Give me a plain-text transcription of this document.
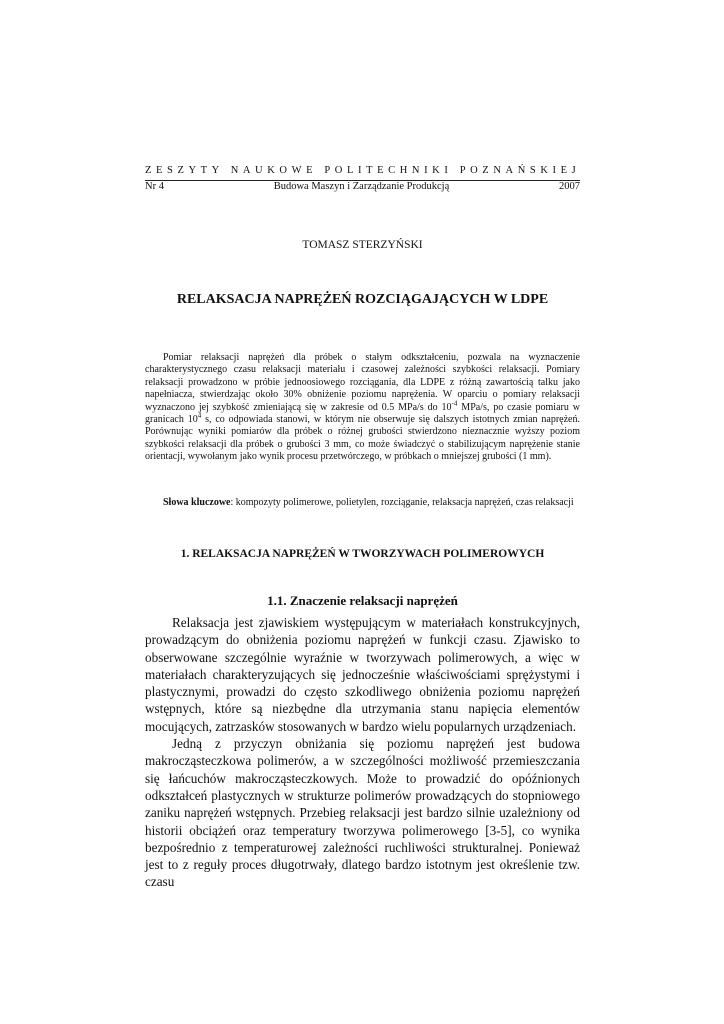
ZESZYTY NAUKOWE POLITECHNIKI POZNAŃSKIEJ
Nr 4	Budowa Maszyn i Zarządzanie Produkcją	2007
TOMASZ STERZYŃSKI
RELAKSACJA NAPRĘŻEŃ ROZCIĄGAJĄCYCH W LDPE

Pomiar relaksacji naprężeń dla próbek o stałym odkształceniu, pozwala na wyznaczenie charakterystycznego czasu relaksacji materiału i czasowej zależności szybkości relaksacji. Pomiary relaksacji prowadzono w próbie jednoosiowego rozciągania, dla LDPE z różną zawartością talku jako napełniacza, stwierdzając około 30% obniżenie poziomu naprężenia. W oparciu o pomiary relaksacji wyznaczono jej szybkość zmieniającą się w zakresie od 0.5 MPa/s do $10^{-4}$ MPa/s, po czasie pomiaru w granicach $10^4$ s, co odpowiada stanowi, w którym nie obserwuje się dalszych istotnych zmian naprężeń. Porównując wyniki pomiarów dla próbek o różnej grubości stwierdzono nieznacznie wyższy poziom szybkości relaksacji dla próbek o grubości 3 mm, co może świadczyć o stabilizującym naprężenie stanie orientacji, wywołanym jako wynik procesu przetwórczego, w próbkach o mniejszej grubości (1 mm).

Słowa kluczowe: kompozyty polimerowe, polietylen, rozciąganie, relaksacja naprężeń, czas relaksacji
1. RELAKSACJA NAPRĘŻEŃ W TWORZYWACH POLIMEROWYCH
1.1. Znaczenie relaksacji naprężeń

Relaksacja jest zjawiskiem występującym w materiałach konstrukcyjnych, prowadzącym do obniżenia poziomu naprężeń w funkcji czasu. Zjawisko to obserwowane szczególnie wyraźnie w tworzywach polimerowych, a więc w materiałach charakteryzujących się jednocześnie właściwościami sprężystymi i plastycznymi, prowadzi do często szkodliwego obniżenia poziomu naprężeń wstępnych, które są niezbędne dla utrzymania stanu napięcia elementów mocujących, zatrzasków stosowanych w bardzo wielu popularnych urządzeniach.

Jedną z przyczyn obniżania się poziomu naprężeń jest budowa makrocząsteczkowa polimerów, a w szczególności możliwość przemieszczania się łańcuchów makrocząsteczkowych. Może to prowadzić do opóźnionych odkształceń plastycznych w strukturze polimerów prowadzących do stopniowego zaniku naprężeń wstępnych. Przebieg relaksacji jest bardzo silnie uzależniony od historii obciążeń oraz temperatury tworzywa polimerowego [3-5], co wynika bezpośrednio z temperaturowej zależności ruchliwości strukturalnej. Ponieważ jest to z reguły proces długotrwały, dlatego bardzo istotnym jest określenie tzw. czasu
